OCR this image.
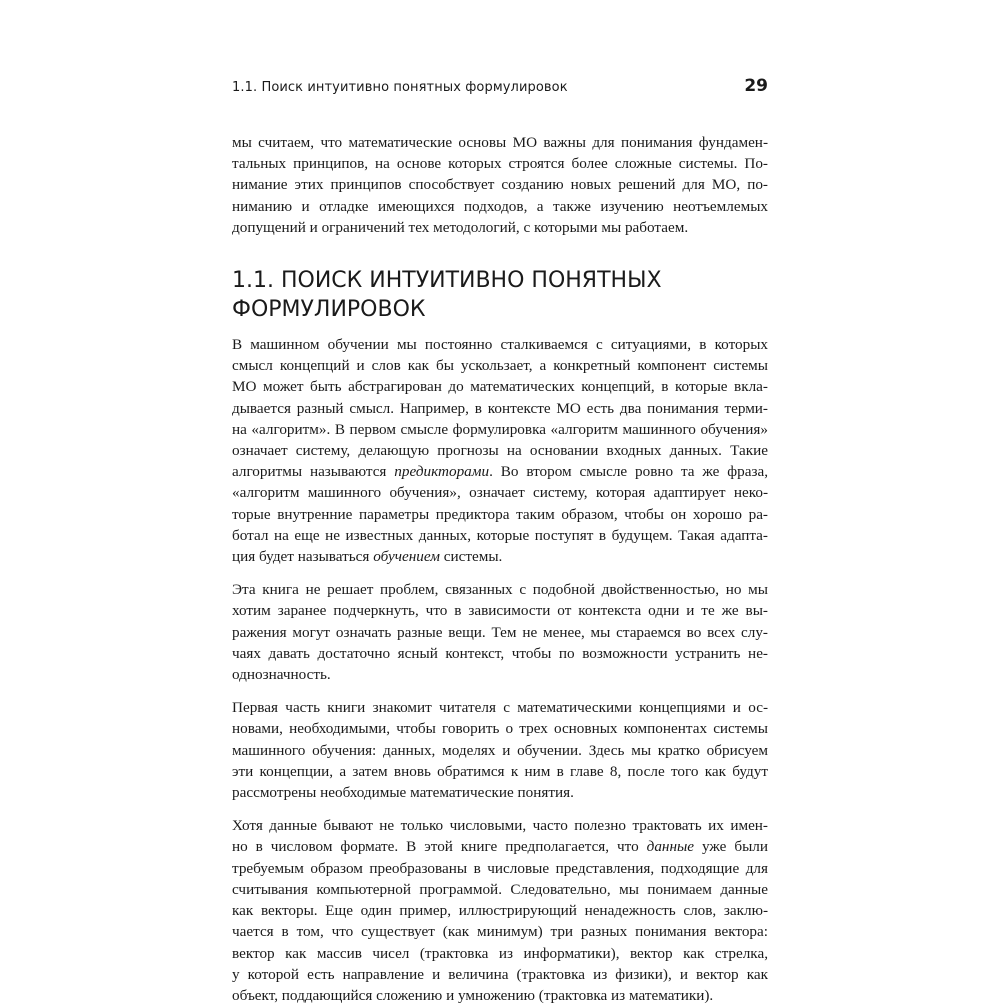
1.1. Поиск интуитивно понятных формулировок	29

мы считаем, что математические основы МО важны для понимания фундамен-
тальных принципов, на основе которых строятся более сложные системы. По-
нимание этих принципов способствует созданию новых решений для МО, по-
ниманию и отладке имеющихся подходов, а также изучению неотъемлемых
допущений и ограничений тех методологий, с которыми мы работаем.

1.1. ПОИСК ИНТУИТИВНО ПОНЯТНЫХ
ФОРМУЛИРОВОК

В машинном обучении мы постоянно сталкиваемся с ситуациями, в которых
смысл концепций и слов как бы ускользает, а конкретный компонент системы
МО может быть абстрагирован до математических концепций, в которые вкла-
дывается разный смысл. Например, в контексте МО есть два понимания терми-
на «алгоритм». В первом смысле формулировка «алгоритм машинного обучения»
означает систему, делающую прогнозы на основании входных данных. Такие
алгоритмы называются предикторами. Во втором смысле ровно та же фраза,
«алгоритм машинного обучения», означает систему, которая адаптирует неко-
торые внутренние параметры предиктора таким образом, чтобы он хорошо ра-
ботал на еще не известных данных, которые поступят в будущем. Такая адапта-
ция будет называться обучением системы.

Эта книга не решает проблем, связанных с подобной двойственностью, но мы
хотим заранее подчеркнуть, что в зависимости от контекста одни и те же вы-
ражения могут означать разные вещи. Тем не менее, мы стараемся во всех слу-
чаях давать достаточно ясный контекст, чтобы по возможности устранить не-
однозначность.

Первая часть книги знакомит читателя с математическими концепциями и ос-
новами, необходимыми, чтобы говорить о трех основных компонентах системы
машинного обучения: данных, моделях и обучении. Здесь мы кратко обрисуем
эти концепции, а затем вновь обратимся к ним в главе 8, после того как будут
рассмотрены необходимые математические понятия.

Хотя данные бывают не только числовыми, часто полезно трактовать их имен-
но в числовом формате. В этой книге предполагается, что данные уже были
требуемым образом преобразованы в числовые представления, подходящие для
считывания компьютерной программой. Следовательно, мы понимаем данные
как векторы. Еще один пример, иллюстрирующий ненадежность слов, заклю-
чается в том, что существует (как минимум) три разных понимания вектора:
вектор как массив чисел (трактовка из информатики), вектор как стрелка,
у которой есть направление и величина (трактовка из физики), и вектор как
объект, поддающийся сложению и умножению (трактовка из математики).
